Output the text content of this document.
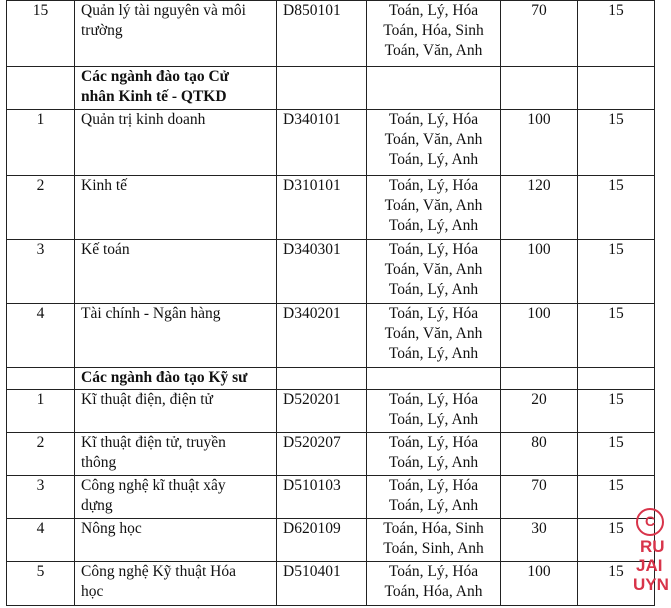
15	Quản lý tài nguyên và môi
trường	D850101	Toán, Lý, Hóa
Toán, Hóa, Sinh
Toán, Văn, Anh	70	15

	Các ngành đào tạo Cử
nhân Kinh tế - QTKD				

1	Quản trị kinh doanh	D340101	Toán, Lý, Hóa
Toán, Văn, Anh
Toán, Lý, Anh	100	15
2	Kinh tế	D310101	Toán, Lý, Hóa
Toán, Văn, Anh
Toán, Lý, Anh	120	15
3	Kế toán	D340301	Toán, Lý, Hóa
Toán, Văn, Anh
Toán, Lý, Anh	100	15
4	Tài chính - Ngân hàng	D340201	Toán, Lý, Hóa
Toán, Văn, Anh
Toán, Lý, Anh	100	15

	Các ngành đào tạo Kỹ sư				

1	Kĩ thuật điện, điện tử	D520201	Toán, Lý, Hóa
Toán, Lý, Anh	20	15
2	Kĩ thuật điện tử, truyền
thông	D520207	Toán, Lý, Hóa
Toán, Lý, Anh	80	15
3	Công nghệ kĩ thuật xây
dựng	D510103	Toán, Lý, Hóa
Toán, Lý, Anh	70	15
4	Nông học	D620109	Toán, Hóa, Sinh
Toán, Sinh, Anh	30	15
5	Công nghệ Kỹ thuật Hóa
học	D510401	Toán, Lý, Hóa
Toán, Hóa, Anh	100	15
C
RU
JAI
UYN
